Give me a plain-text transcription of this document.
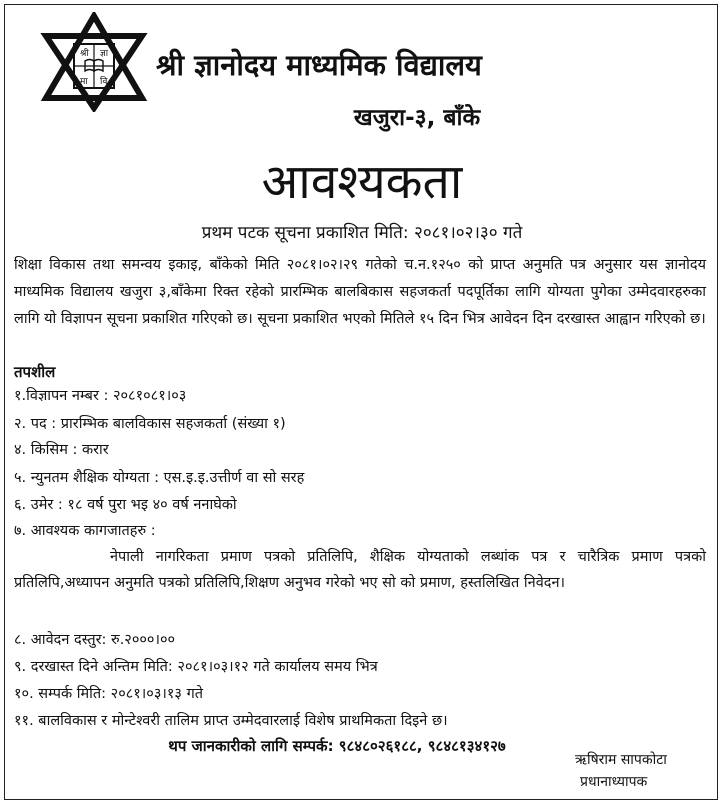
श्री ज्ञा
मा वि श्री ज्ञानोदय माध्यमिक विद्यालय
खजुरा-३, बाँके
आवश्यकता
प्रथम पटक सूचना प्रकाशित मिति: २०८१।०२।३० गते
शिक्षा विकास तथा समन्वय इकाइ, बाँकेको मिति २०८१।०२।२९ गतेको च.न.१२५० को प्राप्त अनुमति पत्र अनुसार यस ज्ञानोदय माध्यमिक विद्यालय खजुरा ३,बाँकेमा रिक्त रहेको प्रारम्भिक बालबिकास सहजकर्ता पदपूर्तिका लागि योग्यता पुगेका उम्मेदवारहरुका लागि यो विज्ञापन सूचना प्रकाशित गरिएको छ। सूचना प्रकाशित भएको मितिले १५ दिन भित्र आवेदन दिन दरखास्त आह्वान गरिएको छ।
तपशील
१.विज्ञापन नम्बर : २०८१०८१।०३
२. पद : प्रारम्भिक बालविकास सहजकर्ता (संख्या १)
४. किसिम : करार
५. न्युनतम शैक्षिक योग्यता : एस.इ.इ.उत्तीर्ण वा सो सरह
६. उमेर : १८ वर्ष पुरा भइ ४० वर्ष ननाघेको
७. आवश्यक कागजातहरु :
नेपाली नागरिकता प्रमाण पत्रको प्रतिलिपि, शैक्षिक योग्यताको लब्धांक पत्र र चारैत्रिक प्रमाण पत्रको प्रतिलिपि,अध्यापन अनुमति पत्रको प्रतिलिपि,शिक्षण अनुभव गरेको भए सो को प्रमाण, हस्तलिखित निवेदन।
८. आवेदन दस्तुर: रु.२०००।००
९. दरखास्त दिने अन्तिम मिति: २०८१।०३।१२ गते कार्यालय समय भित्र
१०. सम्पर्क मिति: २०८१।०३।१३ गते
११. बालविकास र मोन्टेश्वरी तालिम प्राप्त उम्मेदवारलाई विशेष प्राथमिकता दिइने छ।
थप जानकारीको लागि सम्पर्क: ९८४८०२६१८८, ९८४८१३४१२७
ऋषिराम सापकोटा
प्रधानाध्यापक
